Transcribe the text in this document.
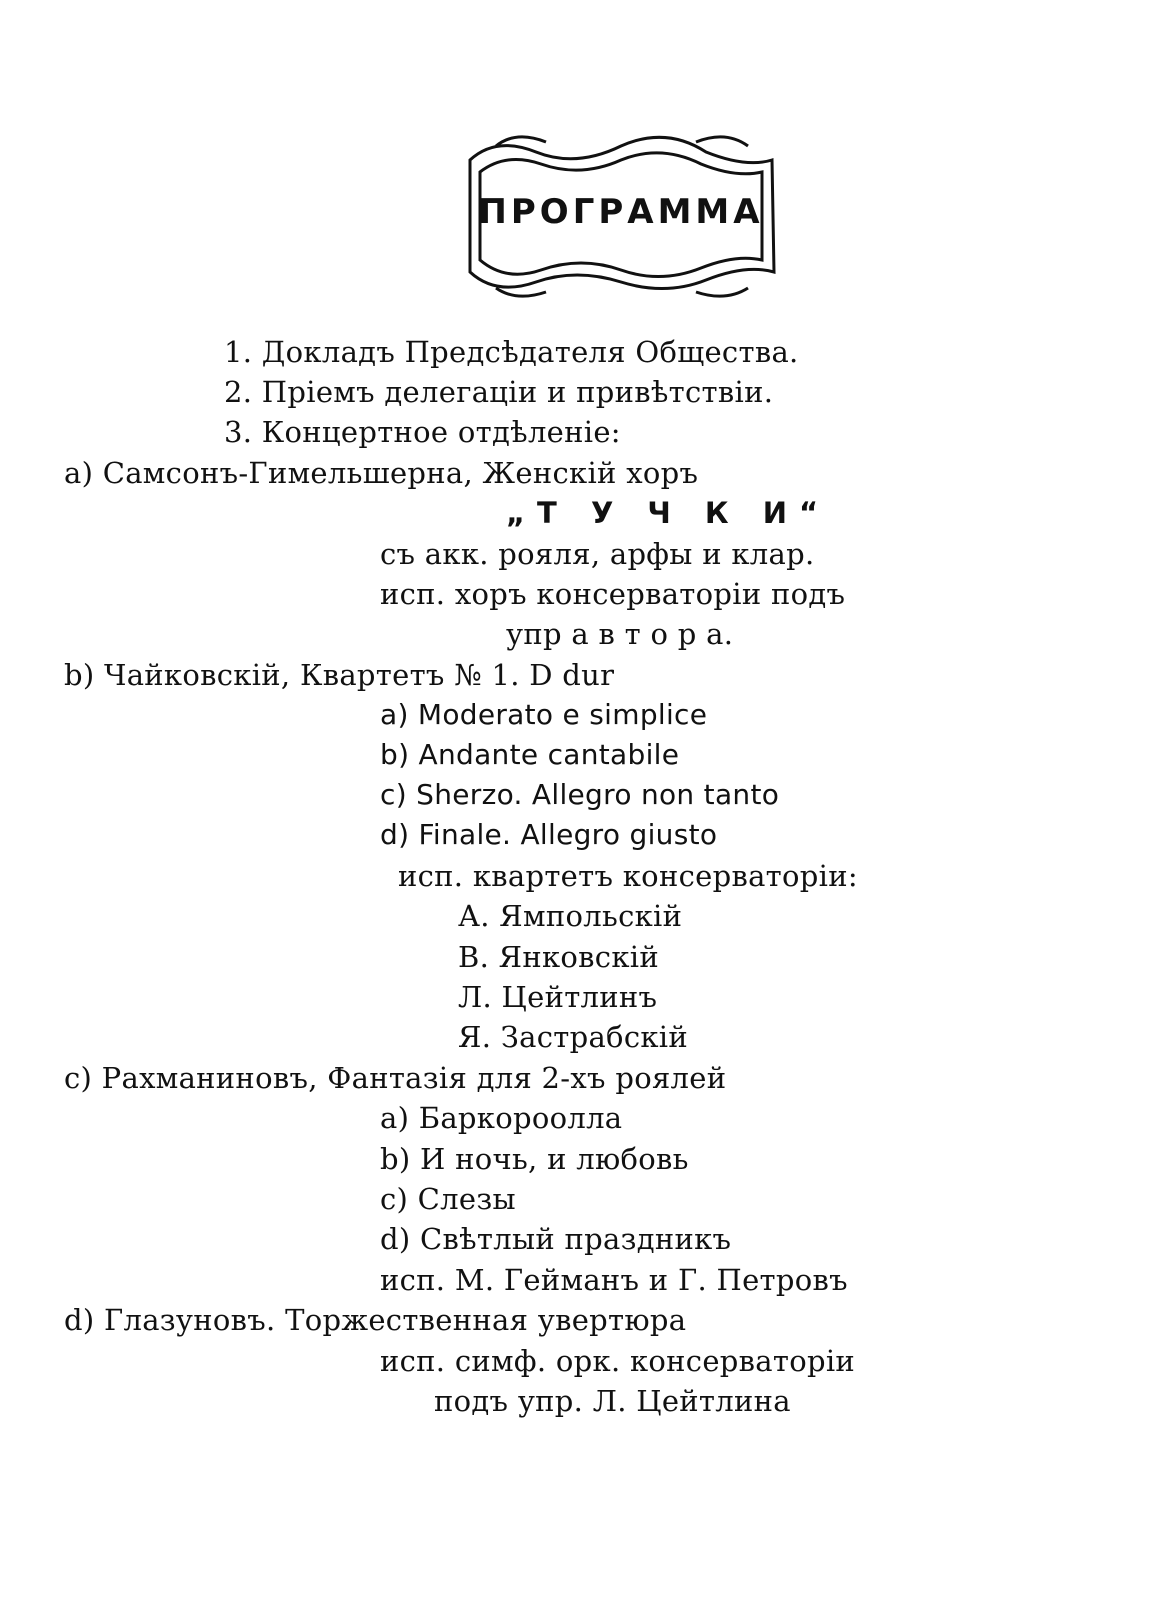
ПРОГРАММА
1. Докладъ Предсѣдателя Общества.
2. Пріемъ делегаціи и привѣтствіи.
3. Концертное отдѣленіе:
a) Самсонъ-Гимельшерна, Женскій хоръ
„Т У Ч К И“
съ акк. рояля, арфы и клар.
исп. хоръ консерваторіи подъ
упр а в т о р а.
b) Чайковскій, Квартетъ № 1. D dur
a) Moderato e simplice
b) Andante cantabile
c) Sherzo. Allegro non tanto
d) Finale. Allegro giusto
исп. квартетъ консерваторіи:
А. Ямпольскій
В. Янковскій
Л. Цейтлинъ
Я. Застрабскій
c) Рахманиновъ, Фантазія для 2-хъ роялей
a) Баркороолла
b) И ночь, и любовь
c) Слезы
d) Свѣтлый праздникъ
исп. М. Гейманъ и Г. Петровъ
d) Глазуновъ. Торжественная увертюра
исп. симф. орк. консерваторіи
подъ упр. Л. Цейтлина
